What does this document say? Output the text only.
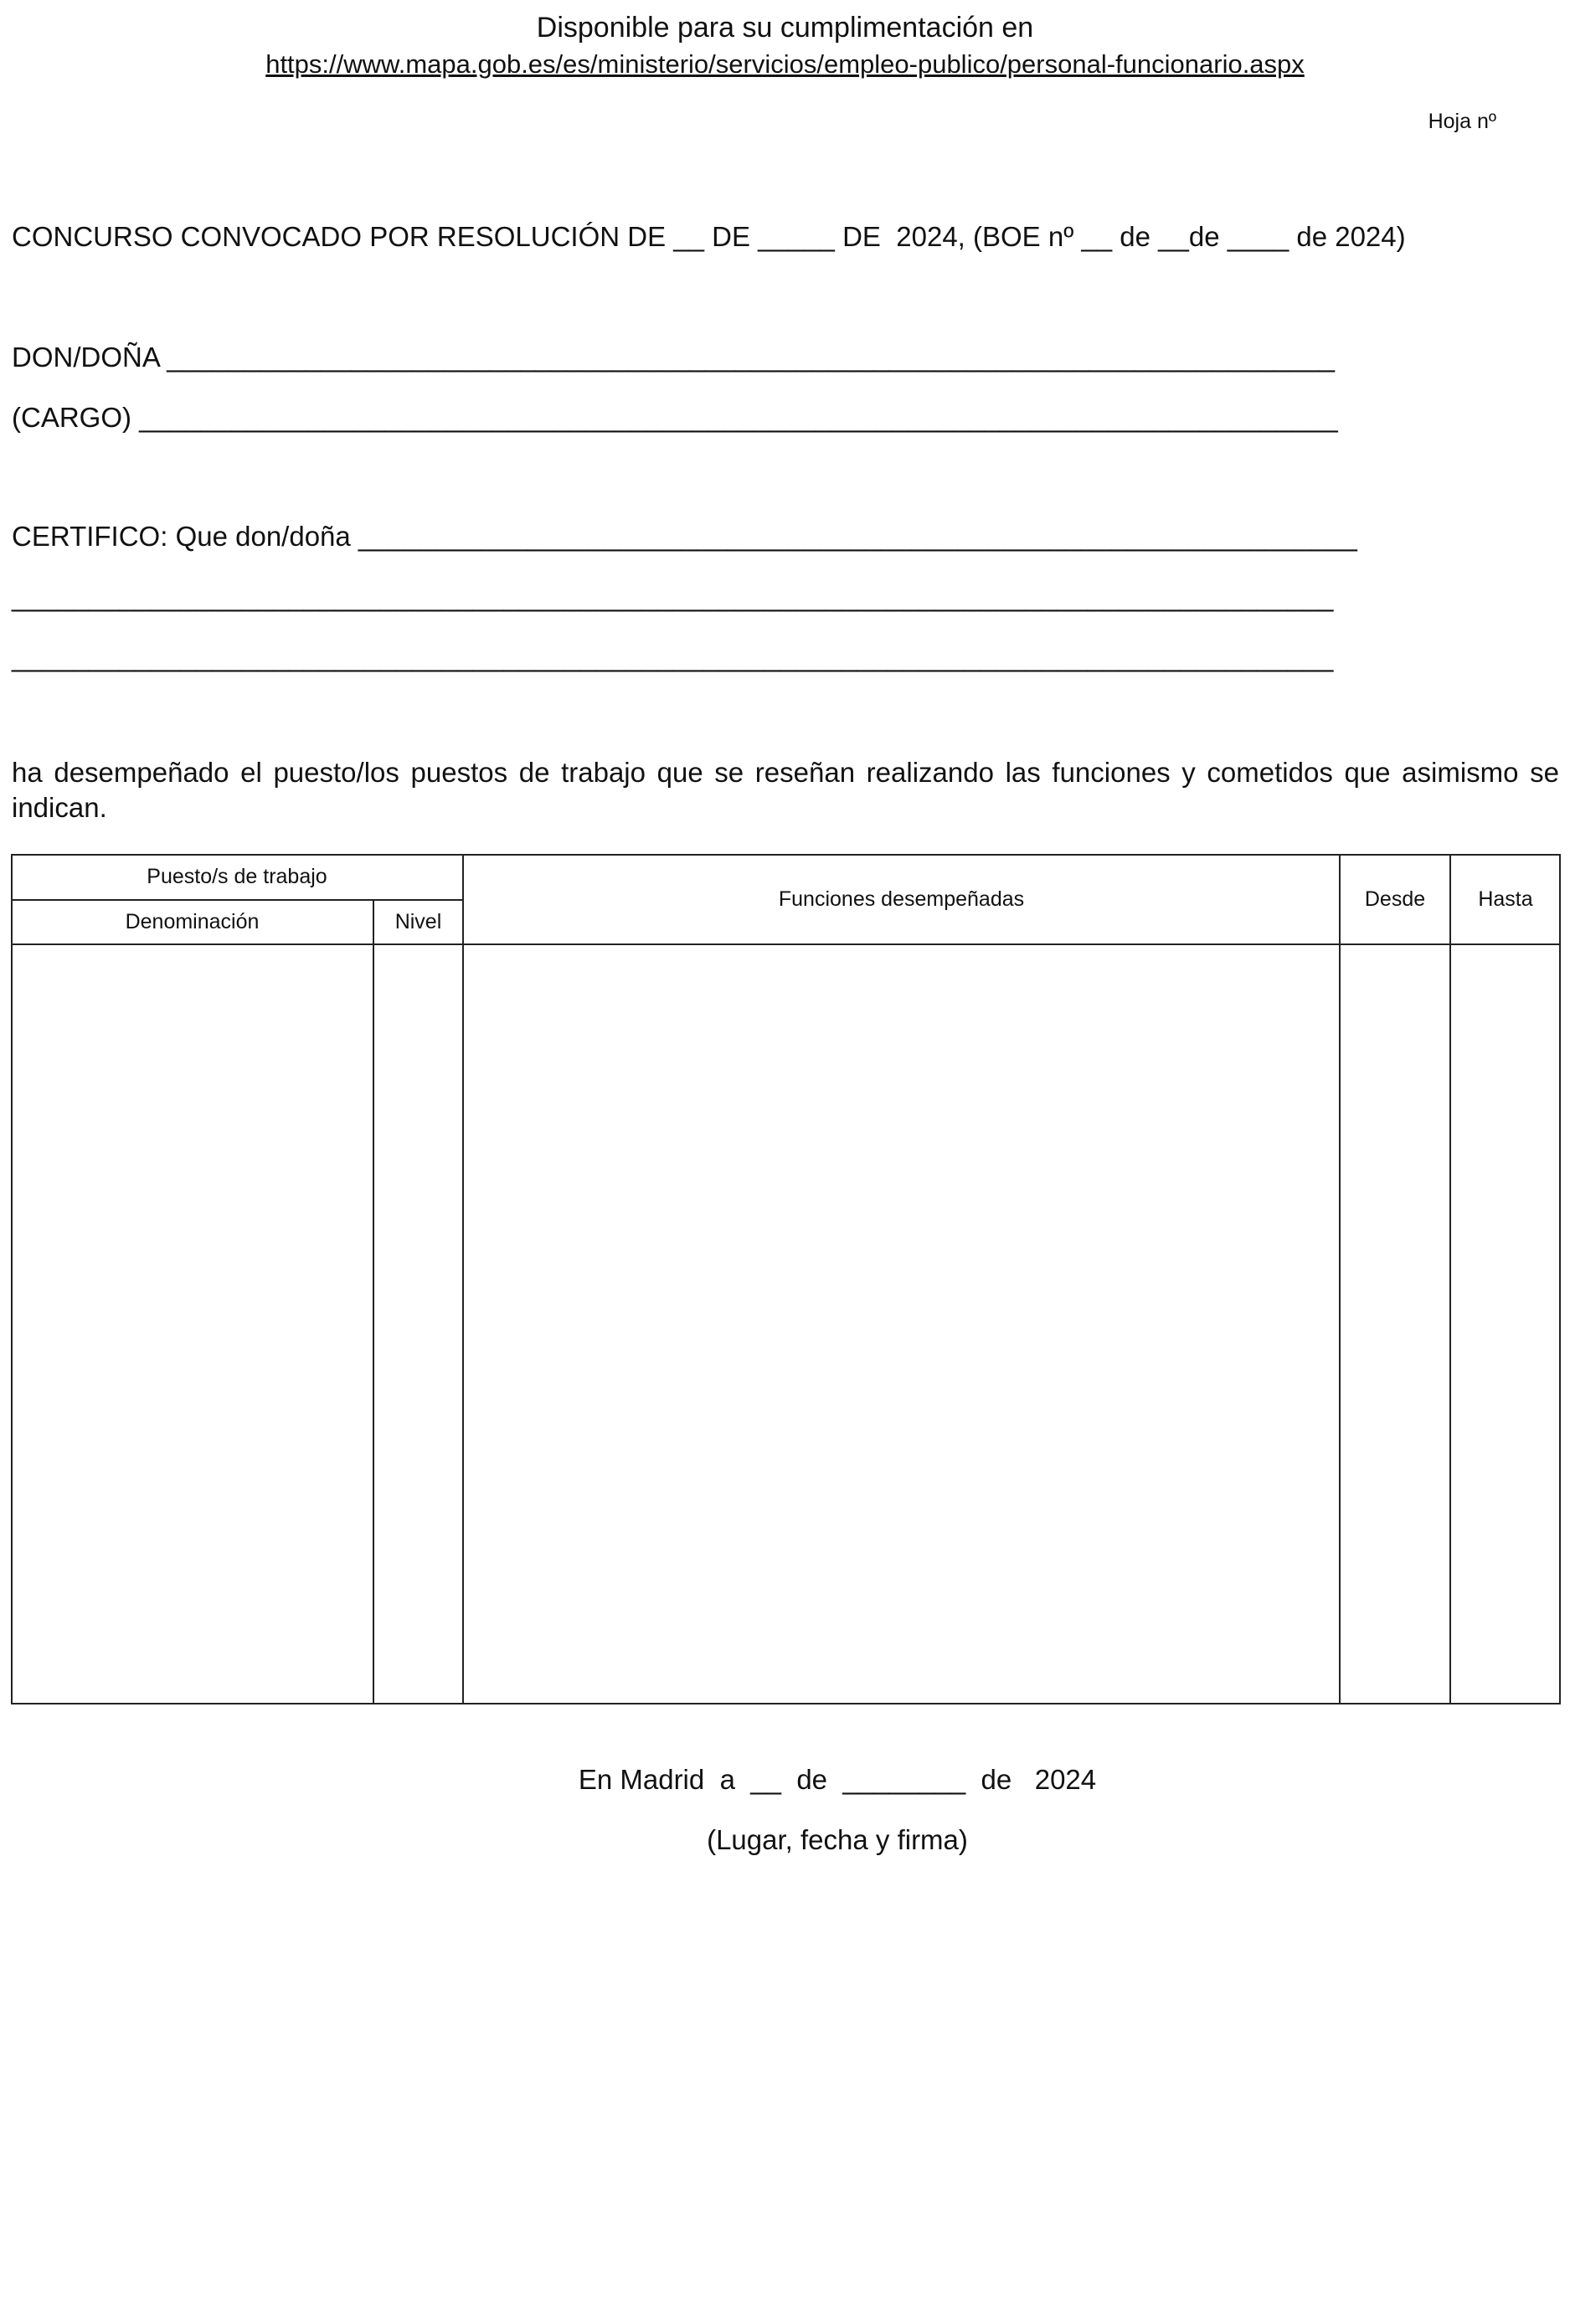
Disponible para su cumplimentación en
https://www.mapa.gob.es/es/ministerio/servicios/empleo-publico/personal-funcionario.aspx
Hoja nº
CONCURSO CONVOCADO POR RESOLUCIÓN DE __ DE _____ DE  2024, (BOE nº __ de __de ____ de 2024)
DON/DOÑA ____________________________________________________________________________
(CARGO) ______________________________________________________________________________
CERTIFICO: Que don/doña _________________________________________________________________
______________________________________________________________________________________
______________________________________________________________________________________
ha desempeñado el puesto/los puestos de trabajo que se reseñan realizando las funciones y cometidos que asimismo se indican.
Puesto/s de trabajo
Denominación	Nivel
Funciones desempeñadas	Desde	Hasta
En Madrid  a  __  de  ________  de   2024
(Lugar, fecha y firma)
